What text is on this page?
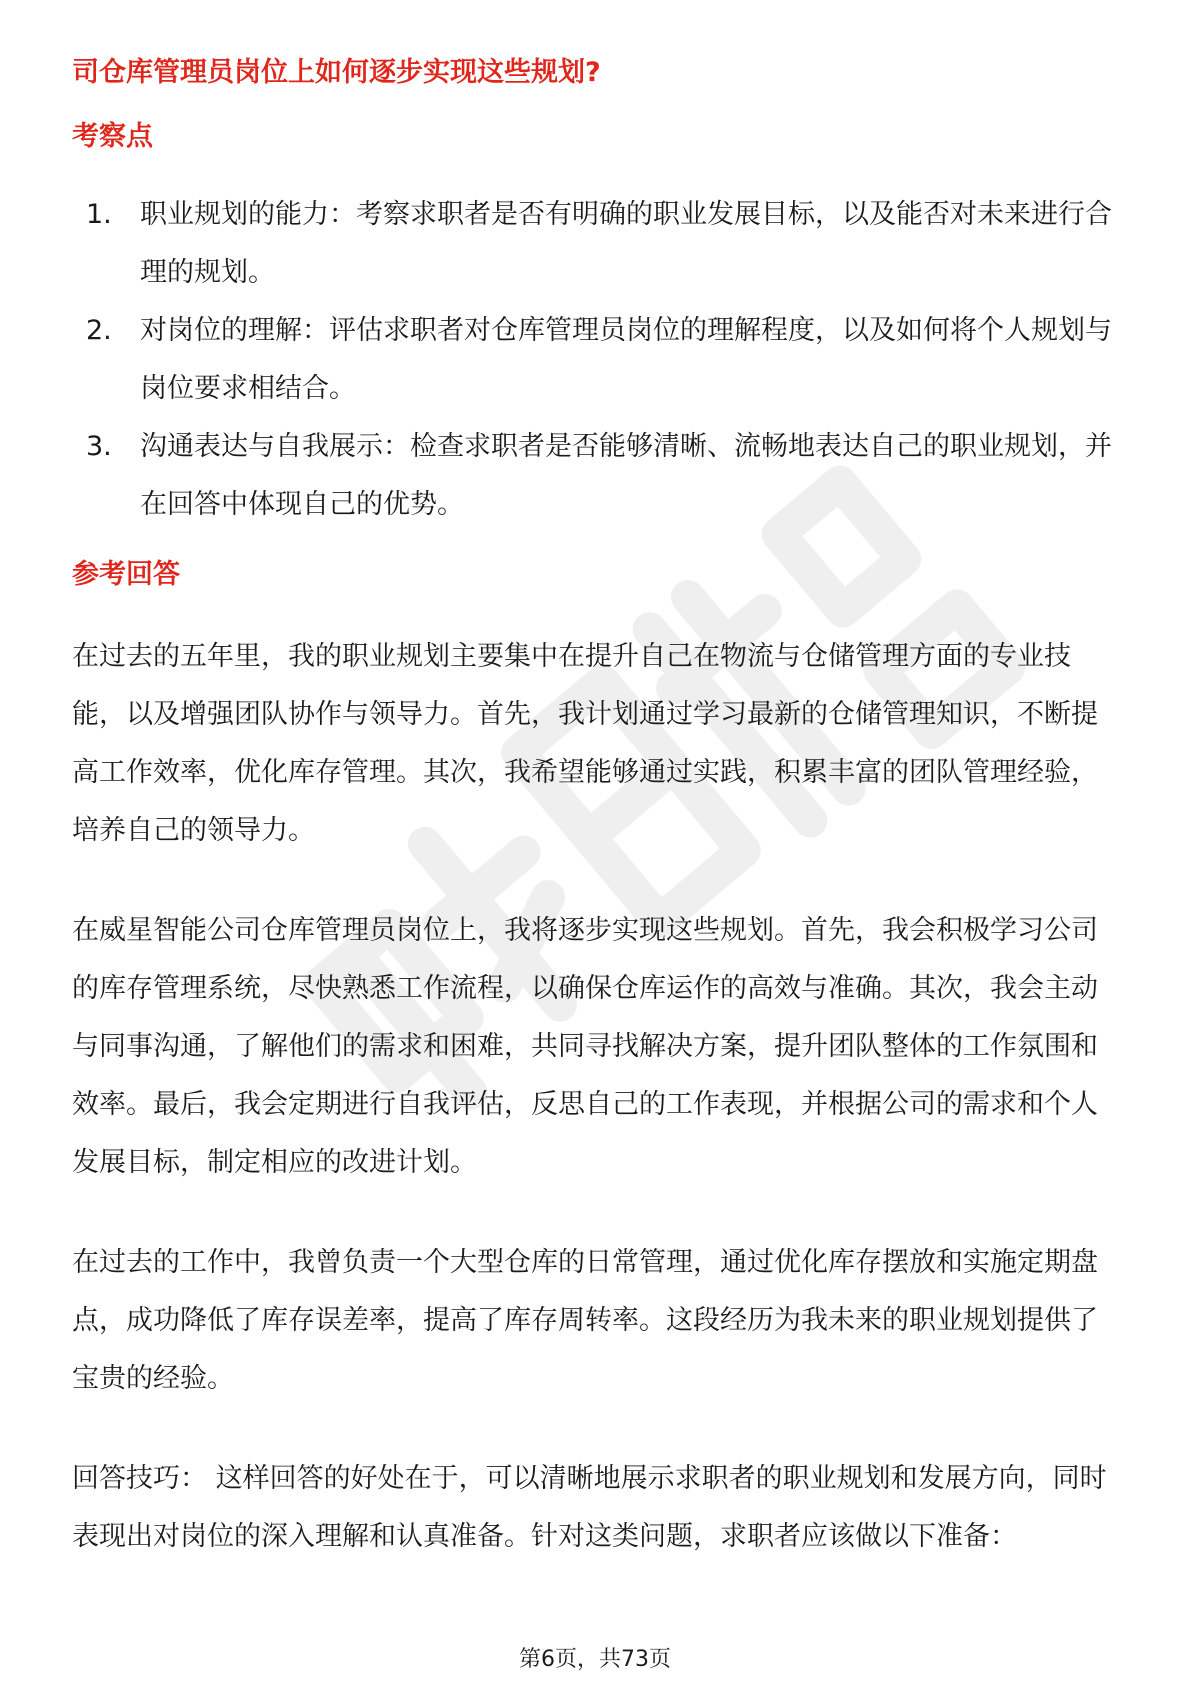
司仓库管理员岗位上如何逐步实现这些规划?
考察点
1.	职业规划的能力：考察求职者是否有明确的职业发展目标，以及能否对未来进行合理的规划。
2.	对岗位的理解：评估求职者对仓库管理员岗位的理解程度，以及如何将个人规划与岗位要求相结合。
3.	沟通表达与自我展示：检查求职者是否能够清晰、流畅地表达自己的职业规划，并在回答中体现自己的优势。
参考回答

在过去的五年里，我的职业规划主要集中在提升自己在物流与仓储管理方面的专业技能，以及增强团队协作与领导力。首先，我计划通过学习最新的仓储管理知识，不断提高工作效率，优化库存管理。其次，我希望能够通过实践，积累丰富的团队管理经验，培养自己的领导力。

在威星智能公司仓库管理员岗位上，我将逐步实现这些规划。首先，我会积极学习公司的库存管理系统，尽快熟悉工作流程，以确保仓库运作的高效与准确。其次，我会主动与同事沟通，了解他们的需求和困难，共同寻找解决方案，提升团队整体的工作氛围和效率。最后，我会定期进行自我评估，反思自己的工作表现，并根据公司的需求和个人发展目标，制定相应的改进计划。

在过去的工作中，我曾负责一个大型仓库的日常管理，通过优化库存摆放和实施定期盘点，成功降低了库存误差率，提高了库存周转率。这段经历为我未来的职业规划提供了宝贵的经验。

回答技巧： 这样回答的好处在于，可以清晰地展示求职者的职业规划和发展方向，同时表现出对岗位的深入理解和认真准备。针对这类问题，求职者应该做以下准备：

第6页，共73页
